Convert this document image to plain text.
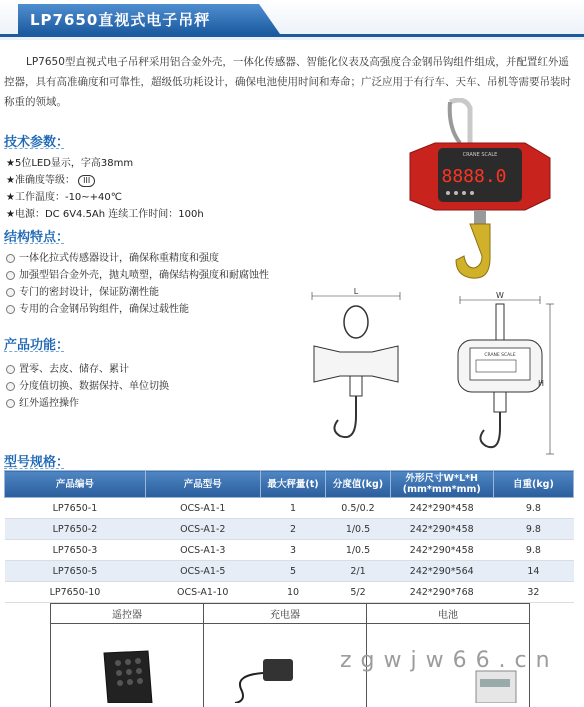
LP7650直视式电子吊秤
LP7650型直视式电子吊秤采用铝合金外壳，一体化传感器、智能化仪表及高强度合金钢吊钩组件组成，并配置红外遥控器，具有高准确度和可靠性，超级低功耗设计，确保电池使用时间和寿命；广泛应用于有行车、天车、吊机等需要吊装时称重的领域。
技术参数：
★5位LED显示，字高38mm
★准确度等级： III
★工作温度：-10~+40℃
★电源：DC 6V4.5Ah 连续工作时间：100h
结构特点：
一体化拉式传感器设计，确保称重精度和强度
加强型铝合金外壳，抛丸喷塑，确保结构强度和耐腐蚀性
专门的密封设计，保证防潮性能
专用的合金钢吊钩组件，确保过载性能
产品功能：
置零、去皮、储存、累计
分度值切换、数据保持、单位切换
红外遥控操作
CRANE SCALE
8888.0
L	W
CRANE SCALE
H
型号规格：
产品编号	产品型号	最大秤量(t)	分度值(kg)	外形尺寸W*L*H (mm*mm*mm)	自重(kg)
LP7650-1	OCS-A1-1	1	0.5/0.2	242*290*458	9.8
LP7650-2	OCS-A1-2	2	1/0.5	242*290*458	9.8
LP7650-3	OCS-A1-3	3	1/0.5	242*290*458	9.8
LP7650-5	OCS-A1-5	5	2/1	242*290*564	14
LP7650-10	OCS-A1-10	10	5/2	242*290*768	32
遥控器	充电器	电池

z g w j w 6 6 . c n
